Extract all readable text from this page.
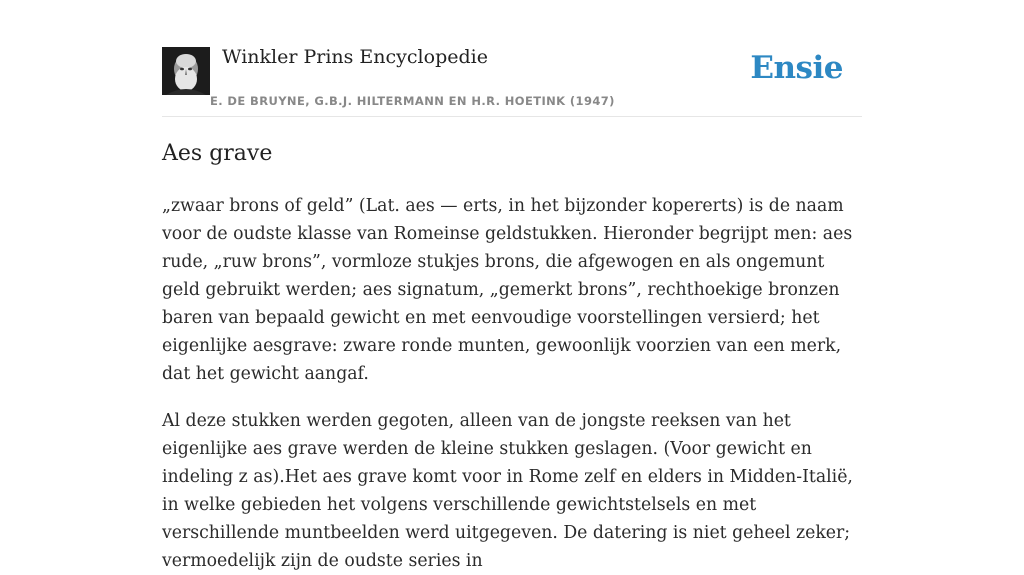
Winkler Prins Encyclopedie
E. DE BRUYNE, G.B.J. HILTERMANN EN H.R. HOETINK (1947)
Ensie
Aes grave

„zwaar brons of geld” (Lat. aes — erts, in het bijzonder kopererts) is de naam voor de oudste klasse van Romeinse geldstukken. Hieronder begrijpt men: aes rude, „ruw brons”, vormloze stukjes brons, die afgewogen en als ongemunt geld gebruikt werden; aes signatum, „gemerkt brons”, rechthoekige bronzen baren van bepaald gewicht en met eenvoudige voorstellingen versierd; het eigenlijke aesgrave: zware ronde munten, gewoonlijk voorzien van een merk, dat het gewicht aangaf.

Al deze stukken werden gegoten, alleen van de jongste reeksen van het eigenlijke aes grave werden de kleine stukken geslagen. (Voor gewicht en indeling z as).Het aes grave komt voor in Rome zelf en elders in Midden-Italië, in welke gebieden het volgens verschillende gewichtstelsels en met verschillende muntbeelden werd uitgegeven. De datering is niet geheel zeker; vermoedelijk zijn de oudste series in
